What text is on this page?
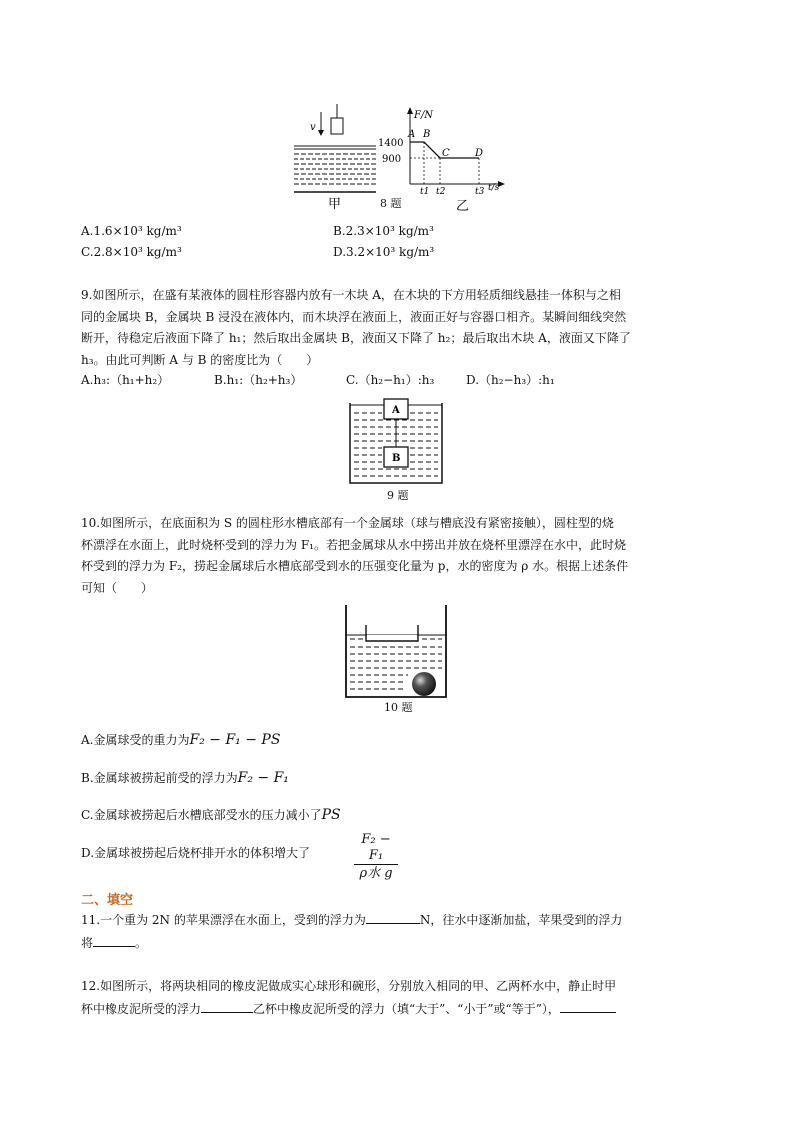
v
甲	8 题
F/N
t/s
1400
900
A B
C	D
t1 t2	t3
乙
A.1.6×10³ kg/m³	B.2.3×10³ kg/m³
C.2.8×10³ kg/m³	D.3.2×10³ kg/m³
9.如图所示，在盛有某液体的圆柱形容器内放有一木块 A，在木块的下方用轻质细线悬挂一体积与之相
同的金属块 B，金属块 B 浸没在液体内，而木块浮在液面上，液面正好与容器口相齐。某瞬间细线突然
断开，待稳定后液面下降了 h₁；然后取出金属块 B，液面又下降了 h₂；最后取出木块 A，液面又下降了
h₃。由此可判断 A 与 B 的密度比为（　　）
A.h₃:（h₁+h₂）	B.h₁:（h₂+h₃）	C.（h₂−h₁）:h₃	D.（h₂−h₃）:h₁
A
B
9 题
10.如图所示，在底面积为 S 的圆柱形水槽底部有一个金属球（球与槽底没有紧密接触），圆柱型的烧
杯漂浮在水面上，此时烧杯受到的浮力为 F₁。若把金属球从水中捞出并放在烧杯里漂浮在水中，此时烧
杯受到的浮力为 F₂，捞起金属球后水槽底部受到水的压强变化量为 p，水的密度为 ρ 水。根据上述条件
可知（　　）
10 题
A.金属球受的重力为F₂ − F₁ − PS
B.金属球被捞起前受的浮力为F₂ − F₁
C.金属球被捞起后水槽底部受水的压力减小了PS
D.金属球被捞起后烧杯排开水的体积增大了
F₂ − F₁
ρ水 g
二、填空
11.一个重为 2N 的苹果漂浮在水面上，受到的浮力为	N，往水中逐渐加盐，苹果受到的浮力
将	。
12.如图所示，将两块相同的橡皮泥做成实心球形和碗形，分别放入相同的甲、乙两杯水中，静止时甲
杯中橡皮泥所受的浮力	乙杯中橡皮泥所受的浮力（填“大于”、“小于”或“等于”），
